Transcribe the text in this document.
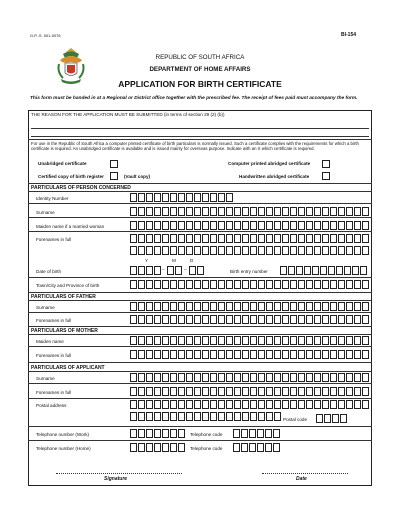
G.P.-S. 001-0076	BI-154
REPUBLIC OF SOUTH AFRICA
DEPARTMENT OF HOME AFFAIRS
APPLICATION FOR BIRTH CERTIFICATE
This form must be handed in at a Regional or District office together with the prescribed fee. The receipt of fees paid must accompany the form.
THE REASON FOR THE APPLICATION MUST BE SUBMITTED (in terms of section 29 (2) (b))
For use in the Republic of South Africa a computer printed certificate of birth particulars is normally issued. Such a certificate complies with the requirements for which a birth certificate is required. An unabridged certificate is available and is issued mainly for overseas purpose. Indicate with an X which certificate is required.
Unabridged certificate	Computer printed abridged certificate
Certified copy of birth register	(Vault copy)	Handwritten abridged certificate
PARTICULARS OF PERSON CONCERNED
Identity Number
Surname
Maiden name if a married woman
Forenames in full
Y	M	D
Date of birth	–	–	Birth entry number
Town/City and Province of birth
PARTICULARS OF FATHER
Surname
Forenames in full
PARTICULARS OF MOTHER
Maiden name
Forenames in full
PARTICULARS OF APPLICANT
Surname
Forenames in full
Postal address
Postal code
Telephone number (Work)	Telephone code
Telephone number (Home)	Telephone code
Signature	Date
